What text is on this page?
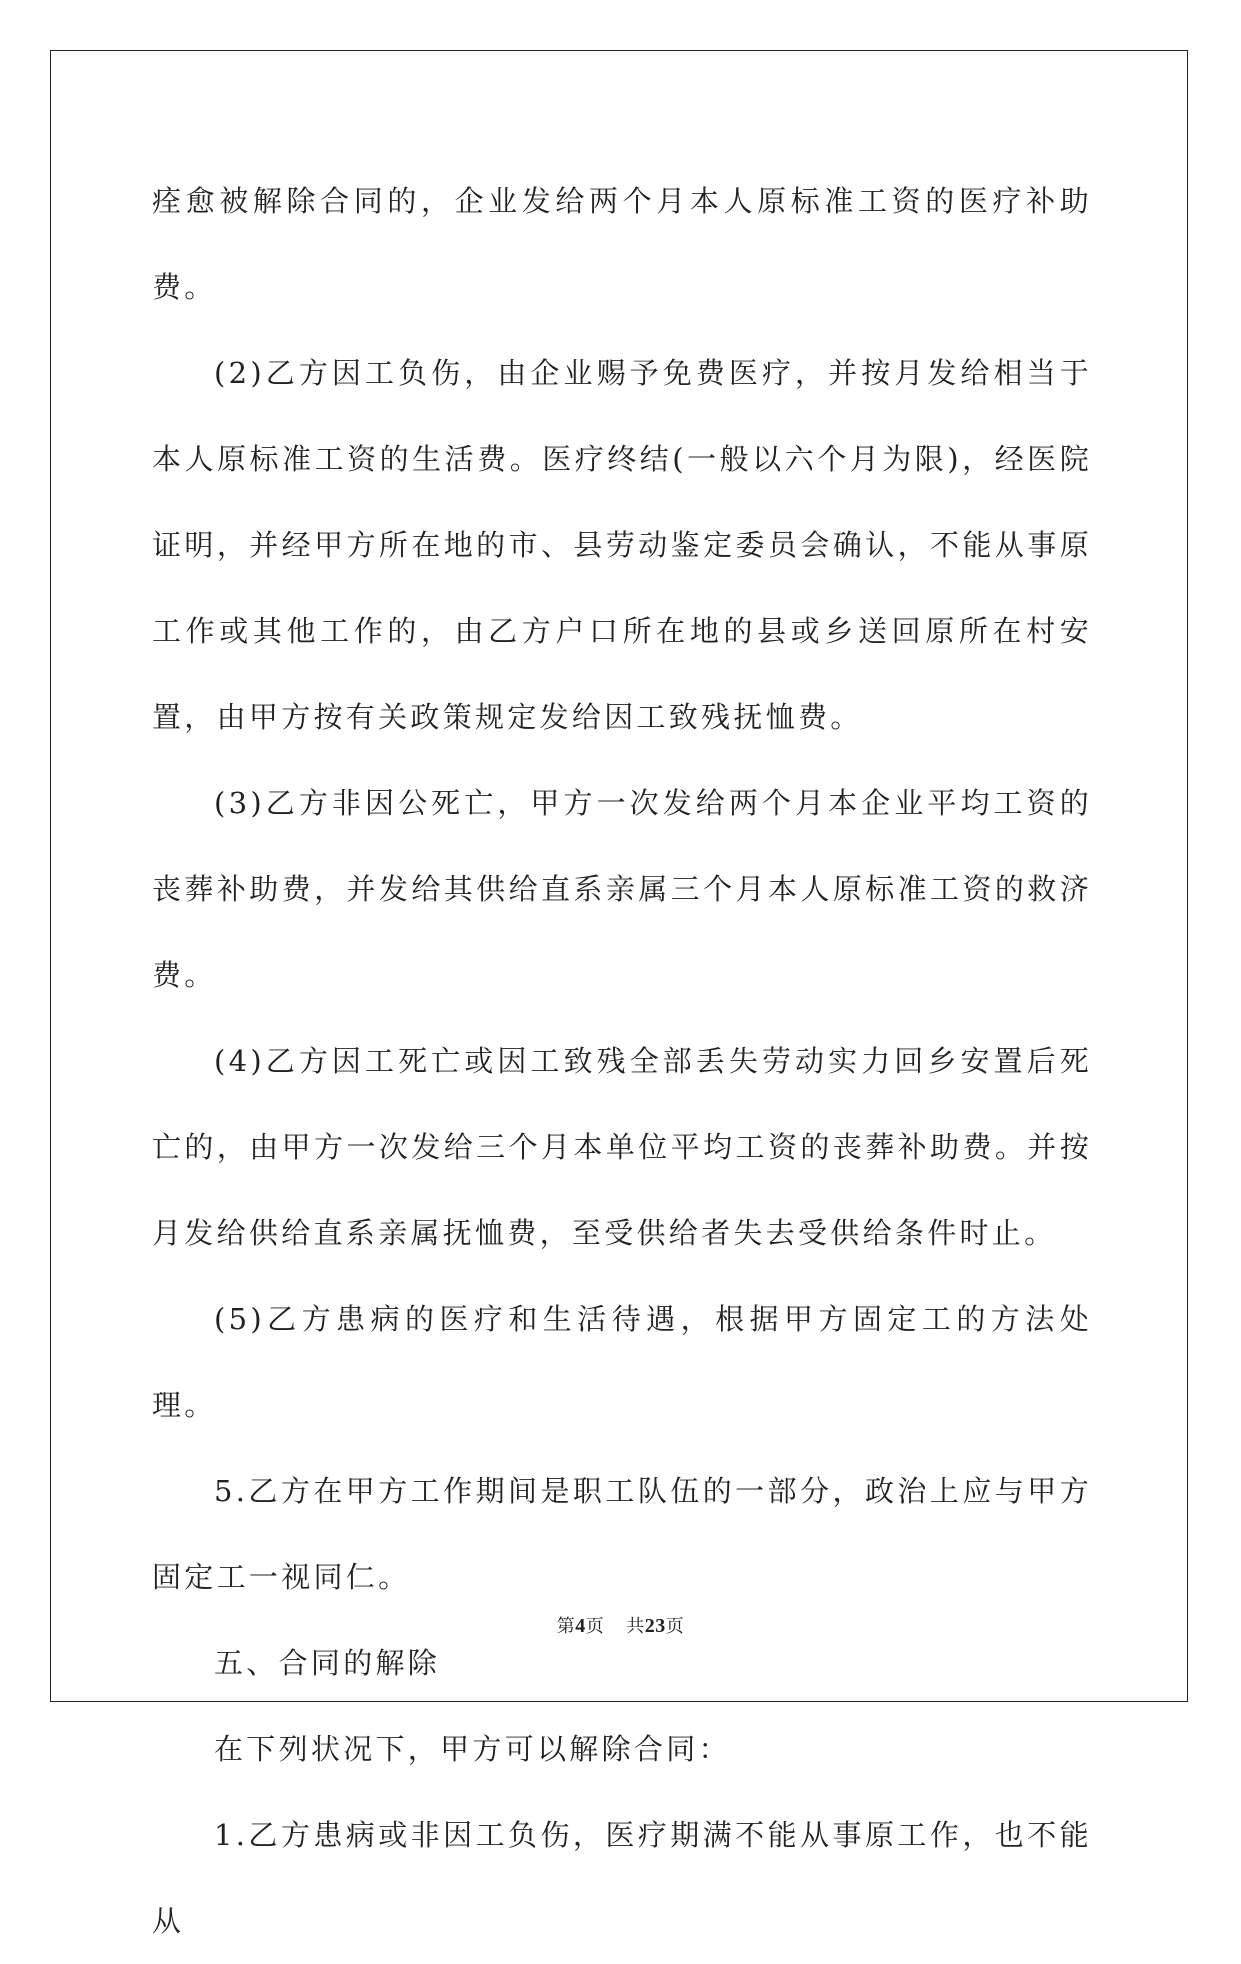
痊愈被解除合同的，企业发给两个月本人原标准工资的医疗补助费。

(2)乙方因工负伤，由企业赐予免费医疗，并按月发给相当于本人原标准工资的生活费。医疗终结(一般以六个月为限)，经医院证明，并经甲方所在地的市、县劳动鉴定委员会确认，不能从事原工作或其他工作的，由乙方户口所在地的县或乡送回原所在村安置，由甲方按有关政策规定发给因工致残抚恤费。

(3)乙方非因公死亡，甲方一次发给两个月本企业平均工资的丧葬补助费，并发给其供给直系亲属三个月本人原标准工资的救济费。

(4)乙方因工死亡或因工致残全部丢失劳动实力回乡安置后死亡的，由甲方一次发给三个月本单位平均工资的丧葬补助费。并按月发给供给直系亲属抚恤费，至受供给者失去受供给条件时止。

(5)乙方患病的医疗和生活待遇，根据甲方固定工的方法处理。

5.乙方在甲方工作期间是职工队伍的一部分，政治上应与甲方固定工一视同仁。

五、合同的解除

在下列状况下，甲方可以解除合同：

1.乙方患病或非因工负伤，医疗期满不能从事原工作，也不能从

第4页 共23页
